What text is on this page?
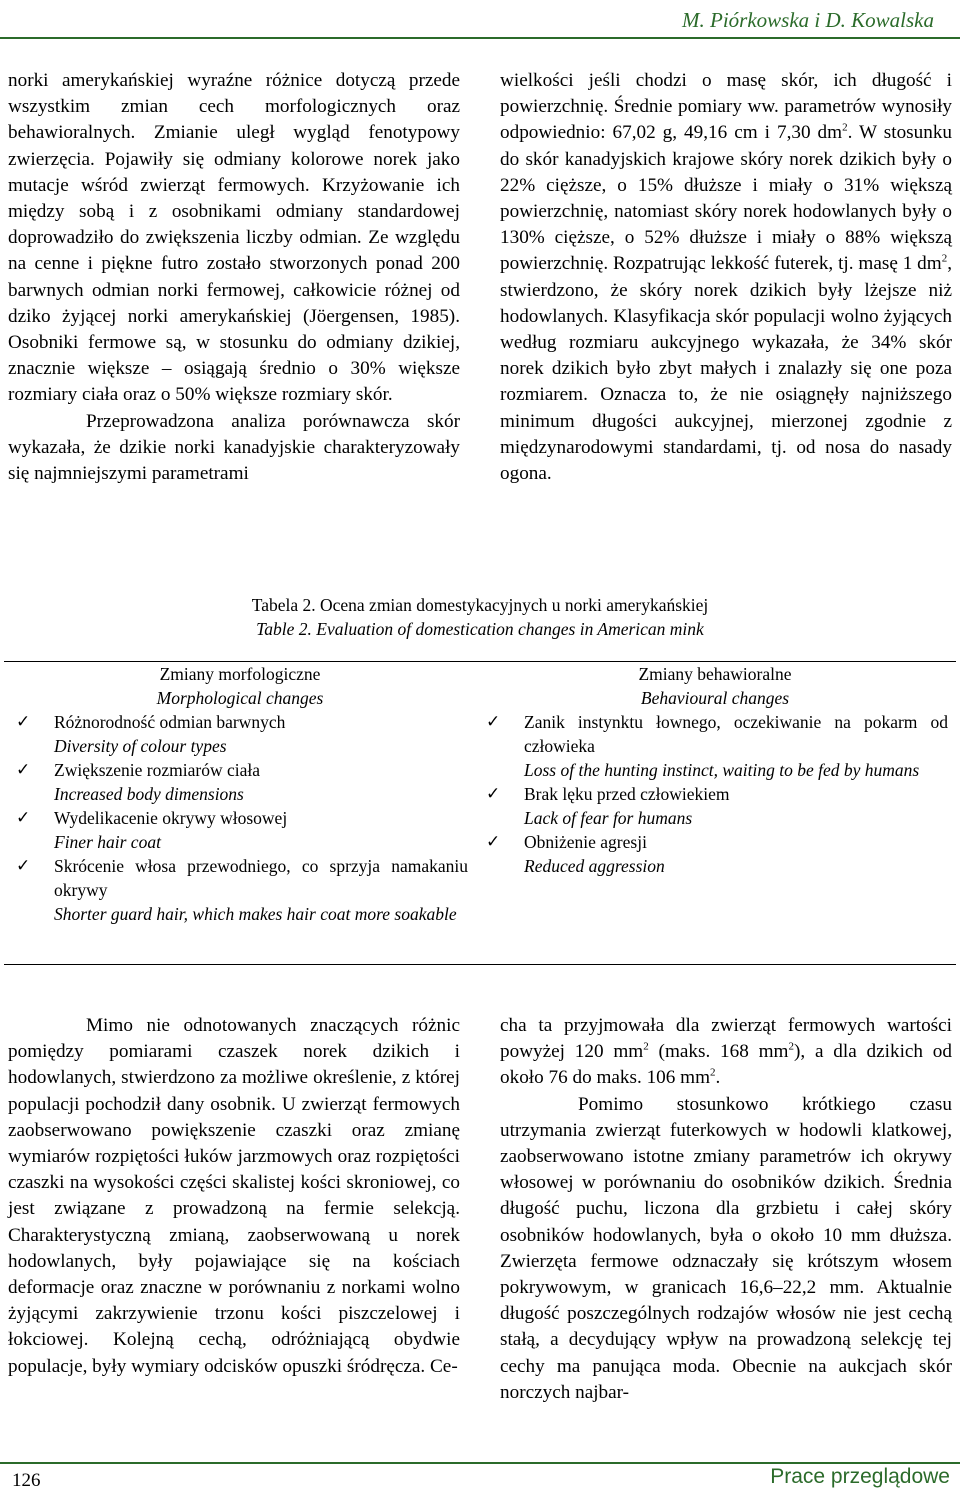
M. Piórkowska i D. Kowalska

norki amerykańskiej wyraźne różnice dotyczą przede wszystkim zmian cech morfologicznych oraz behawioralnych. Zmianie uległ wygląd fenotypowy zwierzęcia. Pojawiły się odmiany kolorowe norek jako mutacje wśród zwierząt fermowych. Krzyżowanie ich między sobą i z osobnikami odmiany standardowej doprowadziło do zwiększenia liczby odmian. Ze względu na cenne i piękne futro zostało stworzonych ponad 200 barwnych odmian norki fermowej, całkowicie różnej od dziko żyjącej norki amerykańskiej (Jöergensen, 1985). Osobniki fermowe są, w stosunku do odmiany dzikiej, znacznie większe – osiągają średnio o 30% większe rozmiary ciała oraz o 50% większe rozmiary skór.

Przeprowadzona analiza porównawcza skór wykazała, że dzikie norki kanadyjskie charakteryzowały się najmniejszymi parametrami

wielkości jeśli chodzi o masę skór, ich długość i powierzchnię. Średnie pomiary ww. parametrów wynosiły odpowiednio: 67,02 g, 49,16 cm i 7,30 $dm^2$. W stosunku do skór kanadyjskich krajowe skóry norek dzikich były o 22% cięższe, o 15% dłuższe i miały o 31% większą powierzchnię, natomiast skóry norek hodowlanych były o 130% cięższe, o 52% dłuższe i miały o 88% większą powierzchnię. Rozpatrując lekkość futerek, tj. masę 1 $dm^2$, stwierdzono, że skóry norek dzikich były lżejsze niż hodowlanych. Klasyfikacja skór populacji wolno żyjących według rozmiaru aukcyjnego wykazała, że 34% skór norek dzikich było zbyt małych i znalazły się one poza rozmiarem. Oznacza to, że nie osiągnęły najniższego minimum długości aukcyjnej, mierzonej zgodnie z międzynarodowymi standardami, tj. od nosa do nasady ogona.

Tabela 2. Ocena zmian domestykacyjnych u norki amerykańskiej
Table 2. Evaluation of domestication changes in American mink
Zmiany morfologiczne
Morphological changes
✓ Różnorodność odmian barwnych
Diversity of colour types
✓ Zwiększenie rozmiarów ciała
Increased body dimensions
✓ Wydelikacenie okrywy włosowej
Finer hair coat
✓ Skrócenie włosa przewodniego, co sprzyja namakaniu okrywy
Shorter guard hair, which makes hair coat more soakable
Zmiany behawioralne
Behavioural changes
✓ Zanik instynktu łownego, oczekiwanie na pokarm od człowieka
Loss of the hunting instinct, waiting to be fed by humans
✓ Brak lęku przed człowiekiem
Lack of fear for humans
✓ Obniżenie agresji
Reduced aggression

Mimo nie odnotowanych znaczących różnic pomiędzy pomiarami czaszek norek dzikich i hodowlanych, stwierdzono za możliwe określenie, z której populacji pochodził dany osobnik. U zwierząt fermowych zaobserwowano powiększenie czaszki oraz zmianę wymiarów rozpiętości łuków jarzmowych oraz rozpiętości czaszki na wysokości części skalistej kości skroniowej, co jest związane z prowadzoną na fermie selekcją. Charakterystyczną zmianą, zaobserwowaną u norek hodowlanych, były pojawiające się na kościach deformacje oraz znaczne w porównaniu z norkami wolno żyjącymi zakrzywienie trzonu kości piszczelowej i łokciowej. Kolejną cechą, odróżniającą obydwie populacje, były wymiary odcisków opuszki śródręcza. Ce-

cha ta przyjmowała dla zwierząt fermowych wartości powyżej 120 $mm^2$ (maks. 168 $mm^2$), a dla dzikich od około 76 do maks. 106 $mm^2$.

Pomimo stosunkowo krótkiego czasu utrzymania zwierząt futerkowych w hodowli klatkowej, zaobserwowano istotne zmiany parametrów ich okrywy włosowej w porównaniu do osobników dzikich. Średnia długość puchu, liczona dla grzbietu i całej skóry osobników hodowlanych, była o około 10 mm dłuższa. Zwierzęta fermowe odznaczały się krótszym włosem pokrywowym, w granicach 16,6–22,2 mm. Aktualnie długość poszczególnych rodzajów włosów nie jest cechą stałą, a decydujący wpływ na prowadzoną selekcję tej cechy ma panująca moda. Obecnie na aukcjach skór norczych najbar-

126	Prace przeglądowe
